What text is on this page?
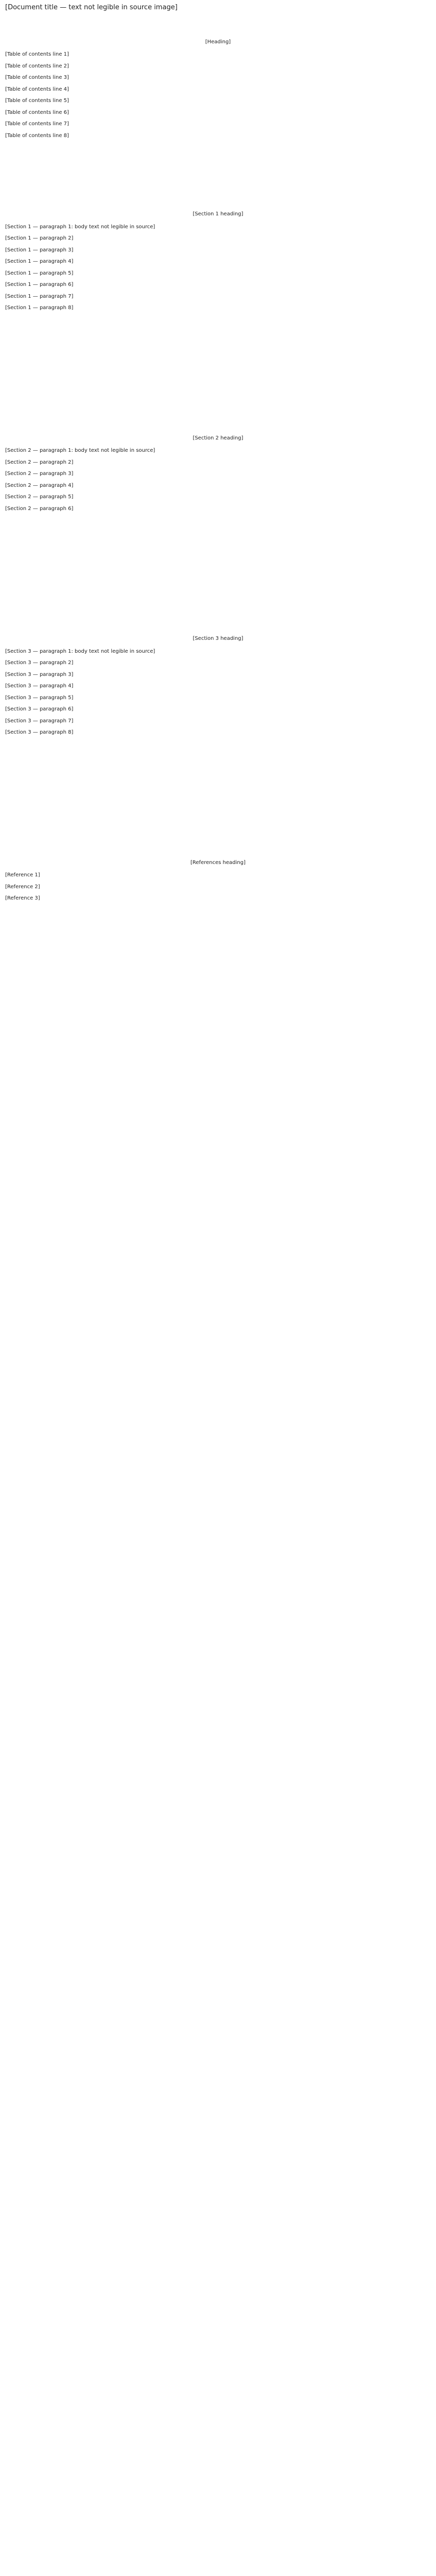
[Document title — text not legible in source image]
[Heading]
[Table of contents line 1]
[Table of contents line 2]
[Table of contents line 3]
[Table of contents line 4]
[Table of contents line 5]
[Table of contents line 6]
[Table of contents line 7]
[Table of contents line 8]
[Section 1 heading]
[Section 1 — paragraph 1: body text not legible in source]
[Section 1 — paragraph 2]
[Section 1 — paragraph 3]
[Section 1 — paragraph 4]
[Section 1 — paragraph 5]
[Section 1 — paragraph 6]
[Section 1 — paragraph 7]
[Section 1 — paragraph 8]
[Section 2 heading]
[Section 2 — paragraph 1: body text not legible in source]
[Section 2 — paragraph 2]
[Section 2 — paragraph 3]
[Section 2 — paragraph 4]
[Section 2 — paragraph 5]
[Section 2 — paragraph 6]
[Section 3 heading]
[Section 3 — paragraph 1: body text not legible in source]
[Section 3 — paragraph 2]
[Section 3 — paragraph 3]
[Section 3 — paragraph 4]
[Section 3 — paragraph 5]
[Section 3 — paragraph 6]
[Section 3 — paragraph 7]
[Section 3 — paragraph 8]
[References heading]
[Reference 1]
[Reference 2]
[Reference 3]
